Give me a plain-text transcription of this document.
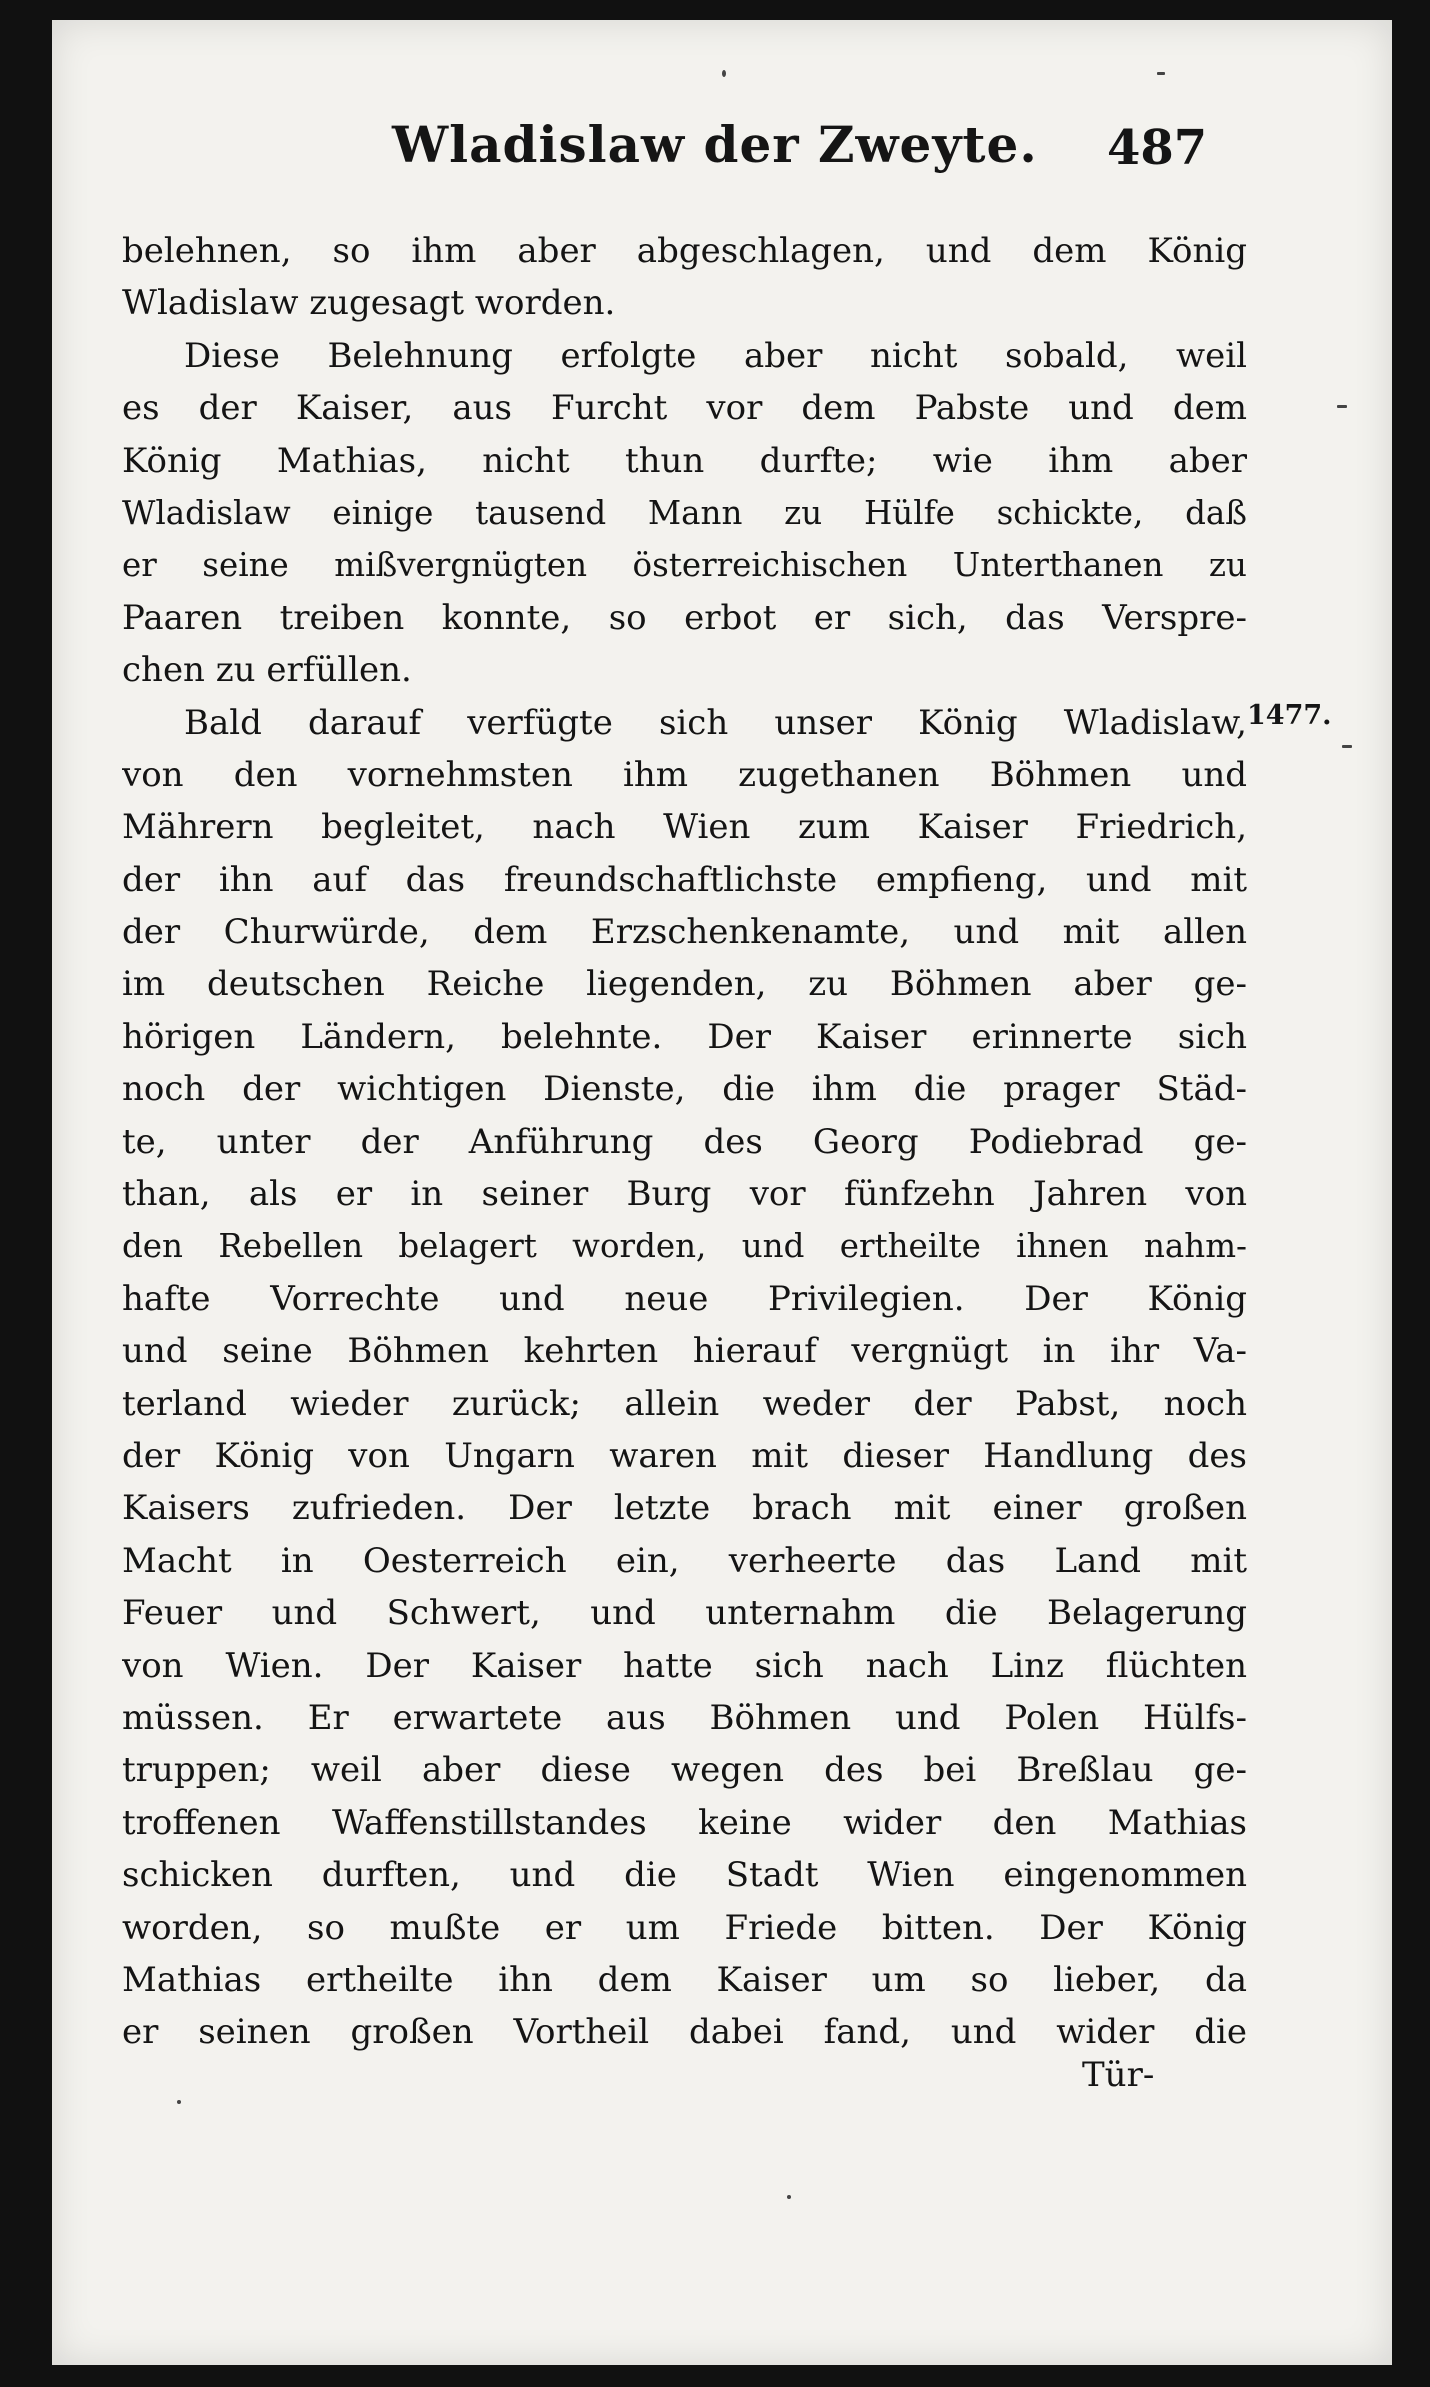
Wladislaw der Zweyte. 487
belehnen, so ihm aber abgeschlagen, und dem König
Wladislaw zugesagt worden.
Diese Belehnung erfolgte aber nicht sobald, weil
es der Kaiser, aus Furcht vor dem Pabste und dem
König Mathias, nicht thun durfte; wie ihm aber
Wladislaw einige tausend Mann zu Hülfe schickte, daß
er seine mißvergnügten österreichischen Unterthanen zu
Paaren treiben konnte, so erbot er sich, das Verspre-
chen zu erfüllen.
Bald darauf verfügte sich unser König Wladislaw,
von den vornehmsten ihm zugethanen Böhmen und
Mährern begleitet, nach Wien zum Kaiser Friedrich,
der ihn auf das freundschaftlichste empfieng, und mit
der Churwürde, dem Erzschenkenamte, und mit allen
im deutschen Reiche liegenden, zu Böhmen aber ge-
hörigen Ländern, belehnte. Der Kaiser erinnerte sich
noch der wichtigen Dienste, die ihm die prager Städ-
te, unter der Anführung des Georg Podiebrad ge-
than, als er in seiner Burg vor fünfzehn Jahren von
den Rebellen belagert worden, und ertheilte ihnen nahm-
hafte Vorrechte und neue Privilegien. Der König
und seine Böhmen kehrten hierauf vergnügt in ihr Va-
terland wieder zurück; allein weder der Pabst, noch
der König von Ungarn waren mit dieser Handlung des
Kaisers zufrieden. Der letzte brach mit einer großen
Macht in Oesterreich ein, verheerte das Land mit
Feuer und Schwert, und unternahm die Belagerung
von Wien. Der Kaiser hatte sich nach Linz flüchten
müssen. Er erwartete aus Böhmen und Polen Hülfs-
truppen; weil aber diese wegen des bei Breßlau ge-
troffenen Waffenstillstandes keine wider den Mathias
schicken durften, und die Stadt Wien eingenommen
worden, so mußte er um Friede bitten. Der König
Mathias ertheilte ihn dem Kaiser um so lieber, da
er seinen großen Vortheil dabei fand, und wider die
1477.
Tür-
